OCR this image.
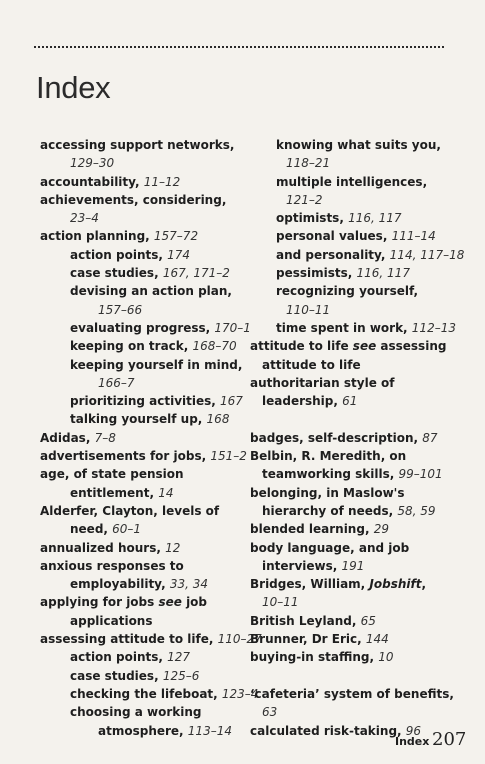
Index
accessing support networks,
129–30
accountability, 11–12
achievements, considering,
23–4
action planning, 157–72
action points, 174
case studies, 167, 171–2
devising an action plan,
157–66
evaluating progress, 170–1
keeping on track, 168–70
keeping yourself in mind,
166–7
prioritizing activities, 167
talking yourself up, 168
Adidas, 7–8
advertisements for jobs, 151–2
age, of state pension
entitlement, 14
Alderfer, Clayton, levels of
need, 60–1
annualized hours, 12
anxious responses to
employability, 33, 34
applying for jobs see job
applications
assessing attitude to life, 110–27
action points, 127
case studies, 125–6
checking the lifeboat, 123–4
choosing a working
atmosphere, 113–14
knowing what suits you,
118–21
multiple intelligences,
121–2
optimists, 116, 117
personal values, 111–14
and personality, 114, 117–18
pessimists, 116, 117
recognizing yourself,
110–11
time spent in work, 112–13
attitude to life see assessing
attitude to life
authoritarian style of
leadership, 61

badges, self-description, 87
Belbin, R. Meredith, on
teamworking skills, 99–101
belonging, in Maslow's
hierarchy of needs, 58, 59
blended learning, 29
body language, and job
interviews, 191
Bridges, William, Jobshift,
10–11
British Leyland, 65
Brunner, Dr Eric, 144
buying-in staffing, 10

‘cafeteria’ system of benefits,
63
calculated risk-taking, 96
Index 207
